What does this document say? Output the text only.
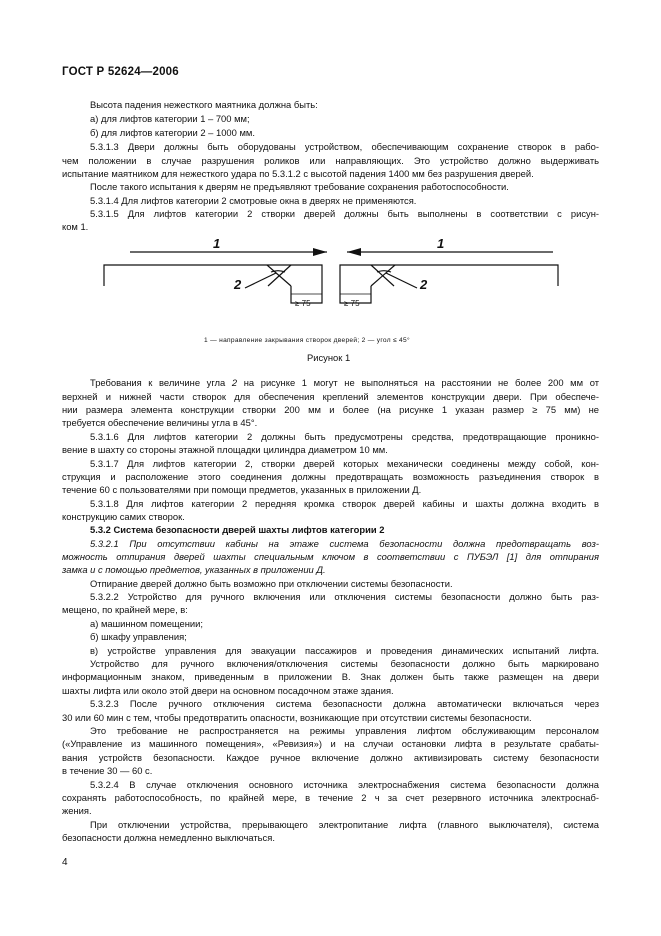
ГОСТ Р 52624—2006
Высота падения нежесткого маятника должна быть:
а) для лифтов категории 1 – 700 мм;
б) для лифтов категории 2 – 1000 мм.
5.3.1.3 Двери должны быть оборудованы устройством, обеспечивающим сохранение створок в рабо-
чем положении в случае разрушения роликов или направляющих. Это устройство должно выдерживать
испытание маятником для нежесткого удара по 5.3.1.2 с высотой падения 1400 мм без разрушения дверей.
После такого испытания к дверям не предъявляют требование сохранения работоспособности.
5.3.1.4 Для лифтов категории 2 смотровые окна в дверях не применяются.
5.3.1.5 Для лифтов категории 2 створки дверей должны быть выполнены в соответствии с рисун-
ком 1.
1	1
2	2
≥ 75	≥ 75
1 — направление закрывания створок дверей; 2 — угол ≤ 45°
Рисунок 1
Требования к величине угла 2 на рисунке 1 могут не выполняться на расстоянии не более 200 мм от
верхней и нижней части створок для обеспечения креплений элементов конструкции двери. При обеспече-
нии размера элемента конструкции створки 200 мм и более (на рисунке 1 указан размер ≥ 75 мм) не
требуется обеспечение величины угла в 45°.
5.3.1.6 Для лифтов категории 2 должны быть предусмотрены средства, предотвращающие проникно-
вение в шахту со стороны этажной площадки цилиндра диаметром 10 мм.
5.3.1.7 Для лифтов категории 2, створки дверей которых механически соединены между собой, кон-
струкция и расположение этого соединения должны предотвращать возможность разъединения створок в
течение 60 с пользователями при помощи предметов, указанных в приложении Д.
5.3.1.8 Для лифтов категории 2 передняя кромка створок дверей кабины и шахты должна входить в
конструкцию самих створок.
5.3.2 Система безопасности дверей шахты лифтов категории 2
5.3.2.1 При отсутствии кабины на этаже система безопасности должна предотвращать воз-
можность отпирания дверей шахты специальным ключом в соответствии с ПУБЭЛ [1] для отпирания
замка и с помощью предметов, указанных в приложении Д.
Отпирание дверей должно быть возможно при отключении системы безопасности.
5.3.2.2 Устройство для ручного включения или отключения системы безопасности должно быть раз-
мещено, по крайней мере, в:
а) машинном помещении;
б) шкафу управления;
в) устройстве управления для эвакуации пассажиров и проведения динамических испытаний лифта.
Устройство для ручного включения/отключения системы безопасности должно быть маркировано
информационным знаком, приведенным в приложении В. Знак должен быть также размещен на двери
шахты лифта или около этой двери на основном посадочном этаже здания.
5.3.2.3 После ручного отключения система безопасности должна автоматически включаться через
30 или 60 мин с тем, чтобы предотвратить опасности, возникающие при отсутствии системы безопасности.
Это требование не распространяется на режимы управления лифтом обслуживающим персоналом
(«Управление из машинного помещения», «Ревизия») и на случаи остановки лифта в результате срабаты-
вания устройств безопасности. Каждое ручное включение должно активизировать систему безопасности
в течение 30 — 60 с.
5.3.2.4 В случае отключения основного источника электроснабжения система безопасности должна
сохранять работоспособность, по крайней мере, в течение 2 ч за счет резервного источника электроснаб-
жения.
При отключении устройства, прерывающего электропитание лифта (главного выключателя), система
безопасности должна немедленно выключаться.
4
